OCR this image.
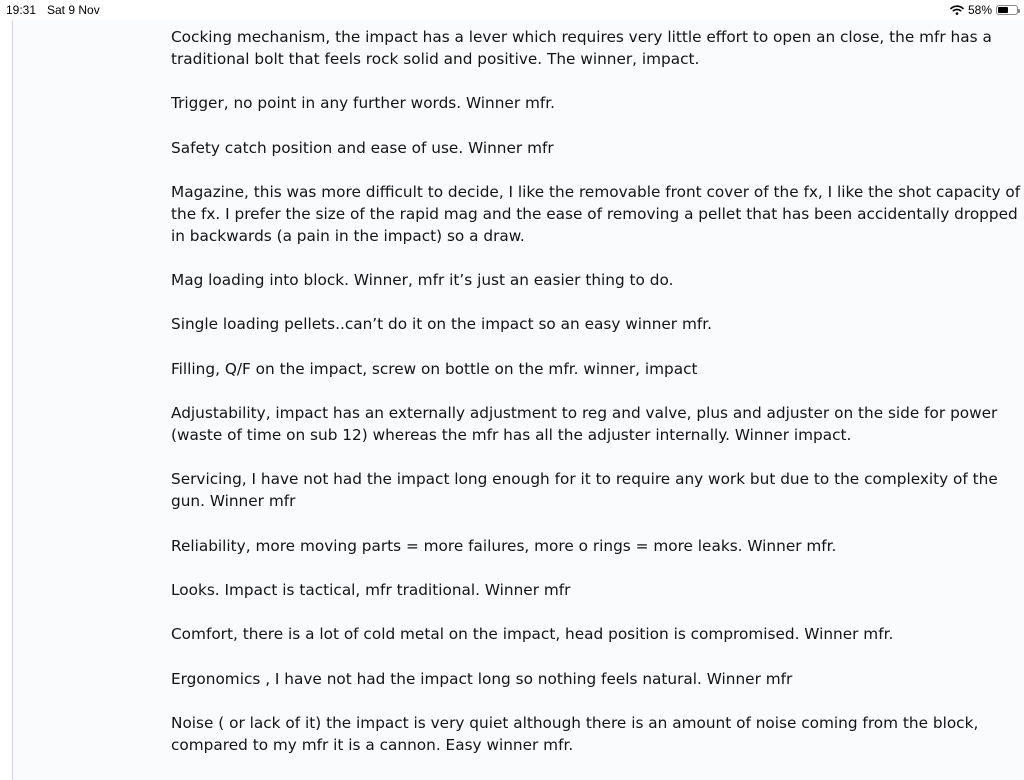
19:31 Sat 9 Nov	58%

Cocking mechanism, the impact has a lever which requires very little effort to open an close, the mfr has a traditional bolt that feels rock solid and positive. The winner, impact.

Trigger, no point in any further words. Winner mfr.

Safety catch position and ease of use. Winner mfr

Magazine, this was more difficult to decide, I like the removable front cover of the fx, I like the shot capacity of the fx. I prefer the size of the rapid mag and the ease of removing a pellet that has been accidentally dropped in backwards (a pain in the impact) so a draw.

Mag loading into block. Winner, mfr it’s just an easier thing to do.

Single loading pellets..can’t do it on the impact so an easy winner mfr.

Filling, Q/F on the impact, screw on bottle on the mfr. winner, impact

Adjustability, impact has an externally adjustment to reg and valve, plus and adjuster on the side for power (waste of time on sub 12) whereas the mfr has all the adjuster internally. Winner impact.

Servicing, I have not had the impact long enough for it to require any work but due to the complexity of the gun. Winner mfr

Reliability, more moving parts = more failures, more o rings = more leaks. Winner mfr.

Looks. Impact is tactical, mfr traditional. Winner mfr

Comfort, there is a lot of cold metal on the impact, head position is compromised. Winner mfr.

Ergonomics , I have not had the impact long so nothing feels natural. Winner mfr

Noise ( or lack of it) the impact is very quiet although there is an amount of noise coming from the block, compared to my mfr it is a cannon. Easy winner mfr.
